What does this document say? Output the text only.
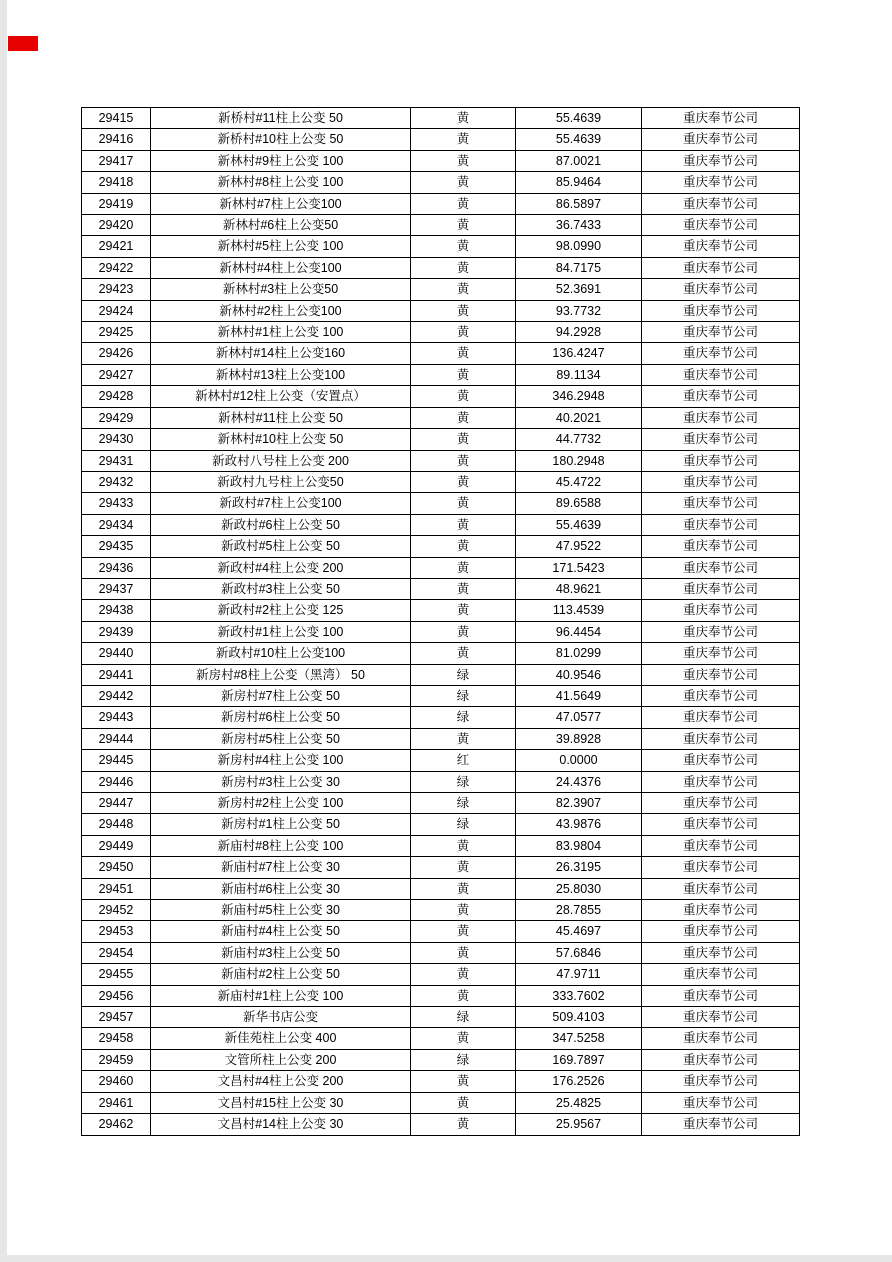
29415	新桥村#11柱上公变 50	黄	55.4639	重庆奉节公司
29416	新桥村#10柱上公变 50	黄	55.4639	重庆奉节公司
29417	新林村#9柱上公变 100	黄	87.0021	重庆奉节公司
29418	新林村#8柱上公变 100	黄	85.9464	重庆奉节公司
29419	新林村#7柱上公变100	黄	86.5897	重庆奉节公司
29420	新林村#6柱上公变50	黄	36.7433	重庆奉节公司
29421	新林村#5柱上公变 100	黄	98.0990	重庆奉节公司
29422	新林村#4柱上公变100	黄	84.7175	重庆奉节公司
29423	新林村#3柱上公变50	黄	52.3691	重庆奉节公司
29424	新林村#2柱上公变100	黄	93.7732	重庆奉节公司
29425	新林村#1柱上公变 100	黄	94.2928	重庆奉节公司
29426	新林村#14柱上公变160	黄	136.4247	重庆奉节公司
29427	新林村#13柱上公变100	黄	89.1134	重庆奉节公司
29428	新林村#12柱上公变（安置点）	黄	346.2948	重庆奉节公司
29429	新林村#11柱上公变 50	黄	40.2021	重庆奉节公司
29430	新林村#10柱上公变 50	黄	44.7732	重庆奉节公司
29431	新政村八号柱上公变 200	黄	180.2948	重庆奉节公司
29432	新政村九号柱上公变50	黄	45.4722	重庆奉节公司
29433	新政村#7柱上公变100	黄	89.6588	重庆奉节公司
29434	新政村#6柱上公变 50	黄	55.4639	重庆奉节公司
29435	新政村#5柱上公变 50	黄	47.9522	重庆奉节公司
29436	新政村#4柱上公变 200	黄	171.5423	重庆奉节公司
29437	新政村#3柱上公变 50	黄	48.9621	重庆奉节公司
29438	新政村#2柱上公变 125	黄	113.4539	重庆奉节公司
29439	新政村#1柱上公变 100	黄	96.4454	重庆奉节公司
29440	新政村#10柱上公变100	黄	81.0299	重庆奉节公司
29441	新房村#8柱上公变（黑湾） 50	绿	40.9546	重庆奉节公司
29442	新房村#7柱上公变 50	绿	41.5649	重庆奉节公司
29443	新房村#6柱上公变 50	绿	47.0577	重庆奉节公司
29444	新房村#5柱上公变 50	黄	39.8928	重庆奉节公司
29445	新房村#4柱上公变 100	红	0.0000	重庆奉节公司
29446	新房村#3柱上公变 30	绿	24.4376	重庆奉节公司
29447	新房村#2柱上公变 100	绿	82.3907	重庆奉节公司
29448	新房村#1柱上公变 50	绿	43.9876	重庆奉节公司
29449	新庙村#8柱上公变 100	黄	83.9804	重庆奉节公司
29450	新庙村#7柱上公变 30	黄	26.3195	重庆奉节公司
29451	新庙村#6柱上公变 30	黄	25.8030	重庆奉节公司
29452	新庙村#5柱上公变 30	黄	28.7855	重庆奉节公司
29453	新庙村#4柱上公变 50	黄	45.4697	重庆奉节公司
29454	新庙村#3柱上公变 50	黄	57.6846	重庆奉节公司
29455	新庙村#2柱上公变 50	黄	47.9711	重庆奉节公司
29456	新庙村#1柱上公变 100	黄	333.7602	重庆奉节公司
29457	新华书店公变	绿	509.4103	重庆奉节公司
29458	新佳苑柱上公变 400	黄	347.5258	重庆奉节公司
29459	文管所柱上公变 200	绿	169.7897	重庆奉节公司
29460	文昌村#4柱上公变 200	黄	176.2526	重庆奉节公司
29461	文昌村#15柱上公变 30	黄	25.4825	重庆奉节公司
29462	文昌村#14柱上公变 30	黄	25.9567	重庆奉节公司
